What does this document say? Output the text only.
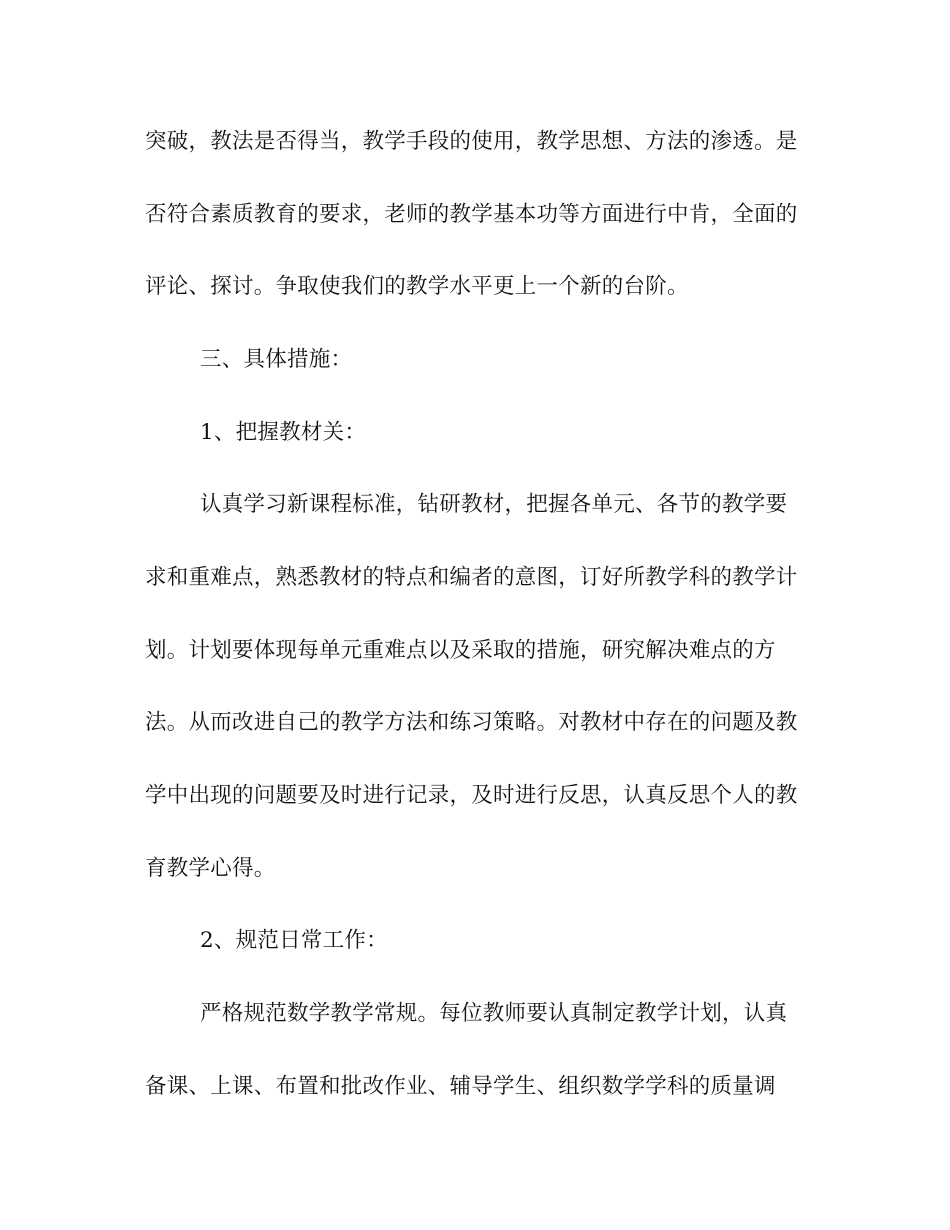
突破，教法是否得当，教学手段的使用，教学思想、方法的渗透。是
否符合素质教育的要求，老师的教学基本功等方面进行中肯，全面的
评论、探讨。争取使我们的教学水平更上一个新的台阶。
三、具体措施：
1、把握教材关：
认真学习新课程标准，钻研教材，把握各单元、各节的教学要
求和重难点，熟悉教材的特点和编者的意图，订好所教学科的教学计
划。计划要体现每单元重难点以及采取的措施，研究解决难点的方
法。从而改进自己的教学方法和练习策略。对教材中存在的问题及教
学中出现的问题要及时进行记录，及时进行反思，认真反思个人的教
育教学心得。
2、规范日常工作：
严格规范数学教学常规。每位教师要认真制定教学计划，认真
备课、上课、布置和批改作业、辅导学生、组织数学学科的质量调
